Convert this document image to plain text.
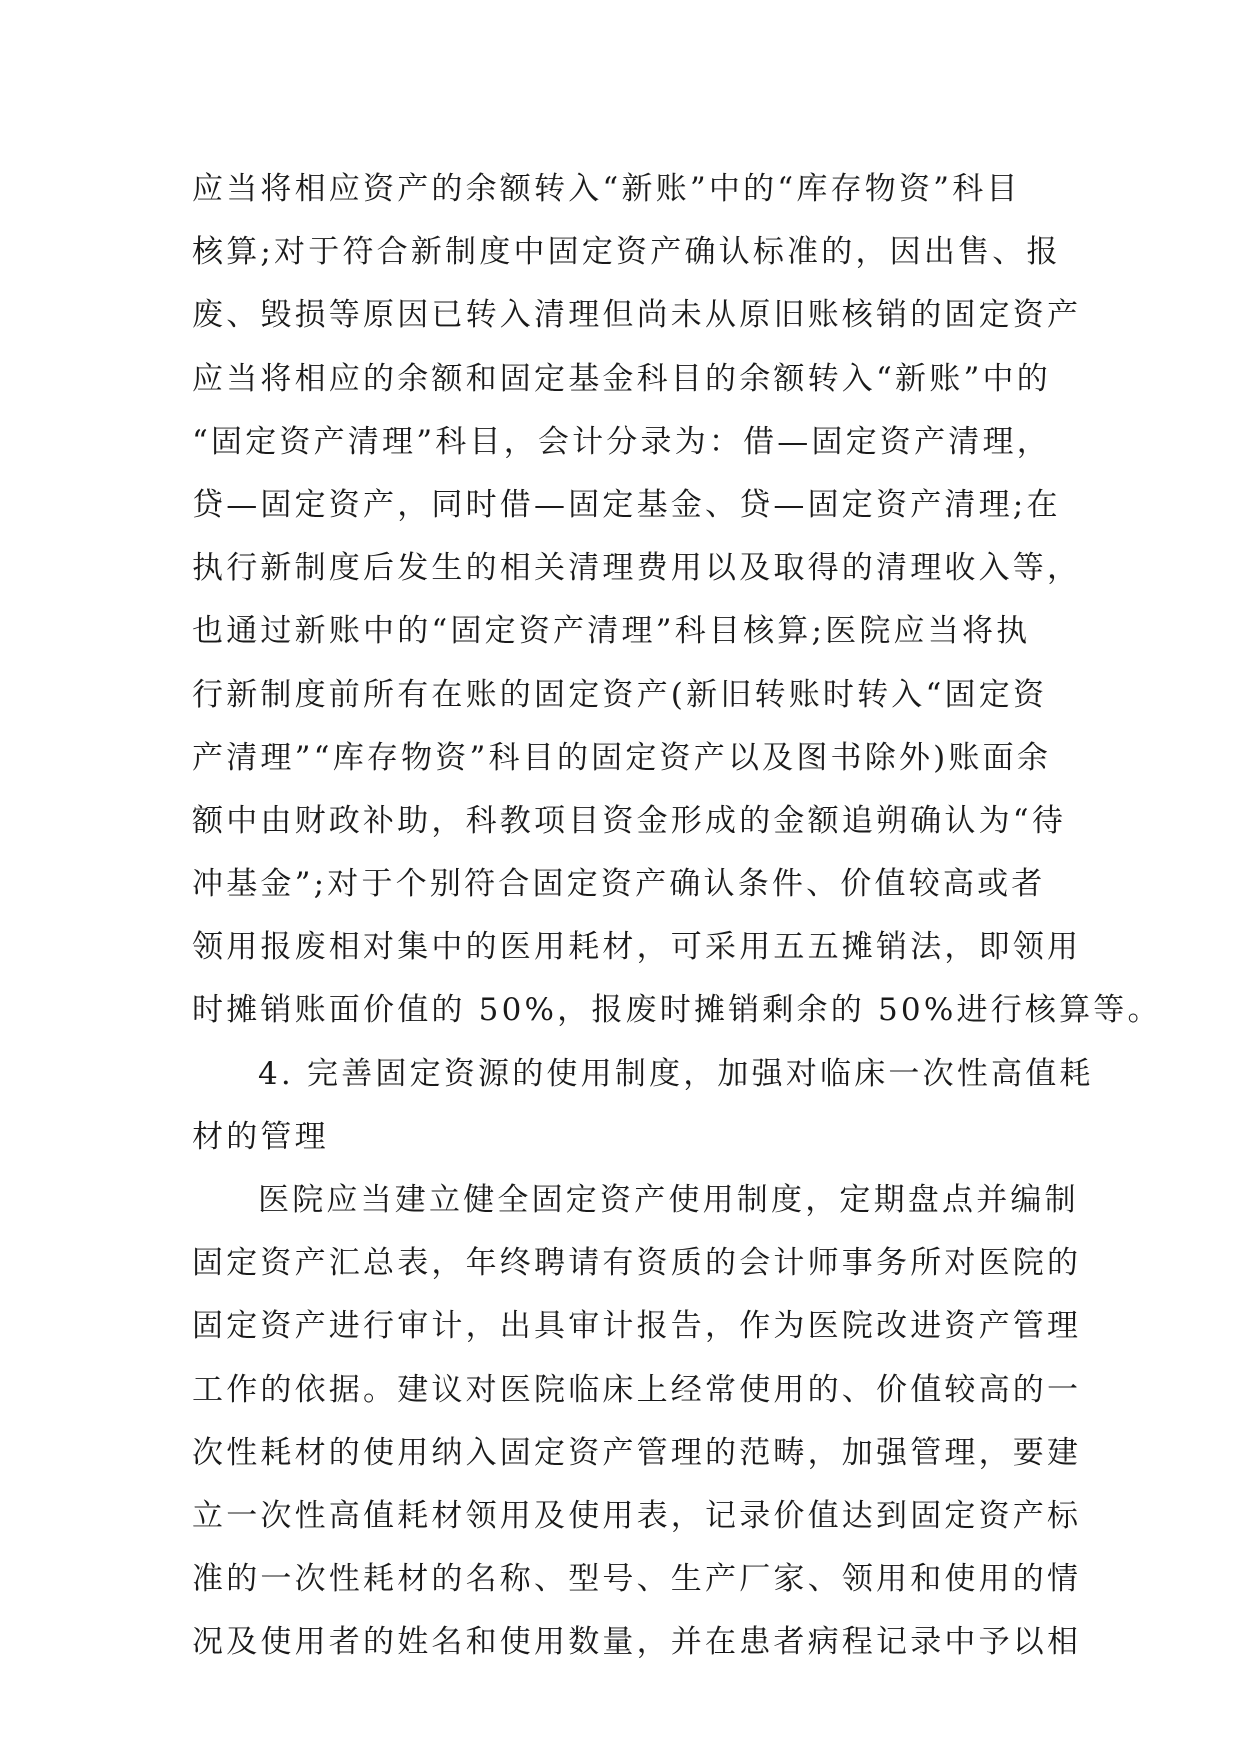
应当将相应资产的余额转入“新账”中的“库存物资”科目
核算;对于符合新制度中固定资产确认标准的，因出售、报
废、毁损等原因已转入清理但尚未从原旧账核销的固定资产
应当将相应的余额和固定基金科目的余额转入“新账”中的
“固定资产清理”科目，会计分录为：借—固定资产清理，
贷—固定资产，同时借—固定基金、贷—固定资产清理;在
执行新制度后发生的相关清理费用以及取得的清理收入等，
也通过新账中的“固定资产清理”科目核算;医院应当将执
行新制度前所有在账的固定资产(新旧转账时转入“固定资
产清理”“库存物资”科目的固定资产以及图书除外)账面余
额中由财政补助，科教项目资金形成的金额追朔确认为“待
冲基金”;对于个别符合固定资产确认条件、价值较高或者
领用报废相对集中的医用耗材，可采用五五摊销法，即领用
时摊销账面价值的 50%，报废时摊销剩余的 50%进行核算等。
4. 完善固定资源的使用制度，加强对临床一次性高值耗
材的管理
医院应当建立健全固定资产使用制度，定期盘点并编制
固定资产汇总表，年终聘请有资质的会计师事务所对医院的
固定资产进行审计，出具审计报告，作为医院改进资产管理
工作的依据。建议对医院临床上经常使用的、价值较高的一
次性耗材的使用纳入固定资产管理的范畴，加强管理，要建
立一次性高值耗材领用及使用表，记录价值达到固定资产标
准的一次性耗材的名称、型号、生产厂家、领用和使用的情
况及使用者的姓名和使用数量，并在患者病程记录中予以相
